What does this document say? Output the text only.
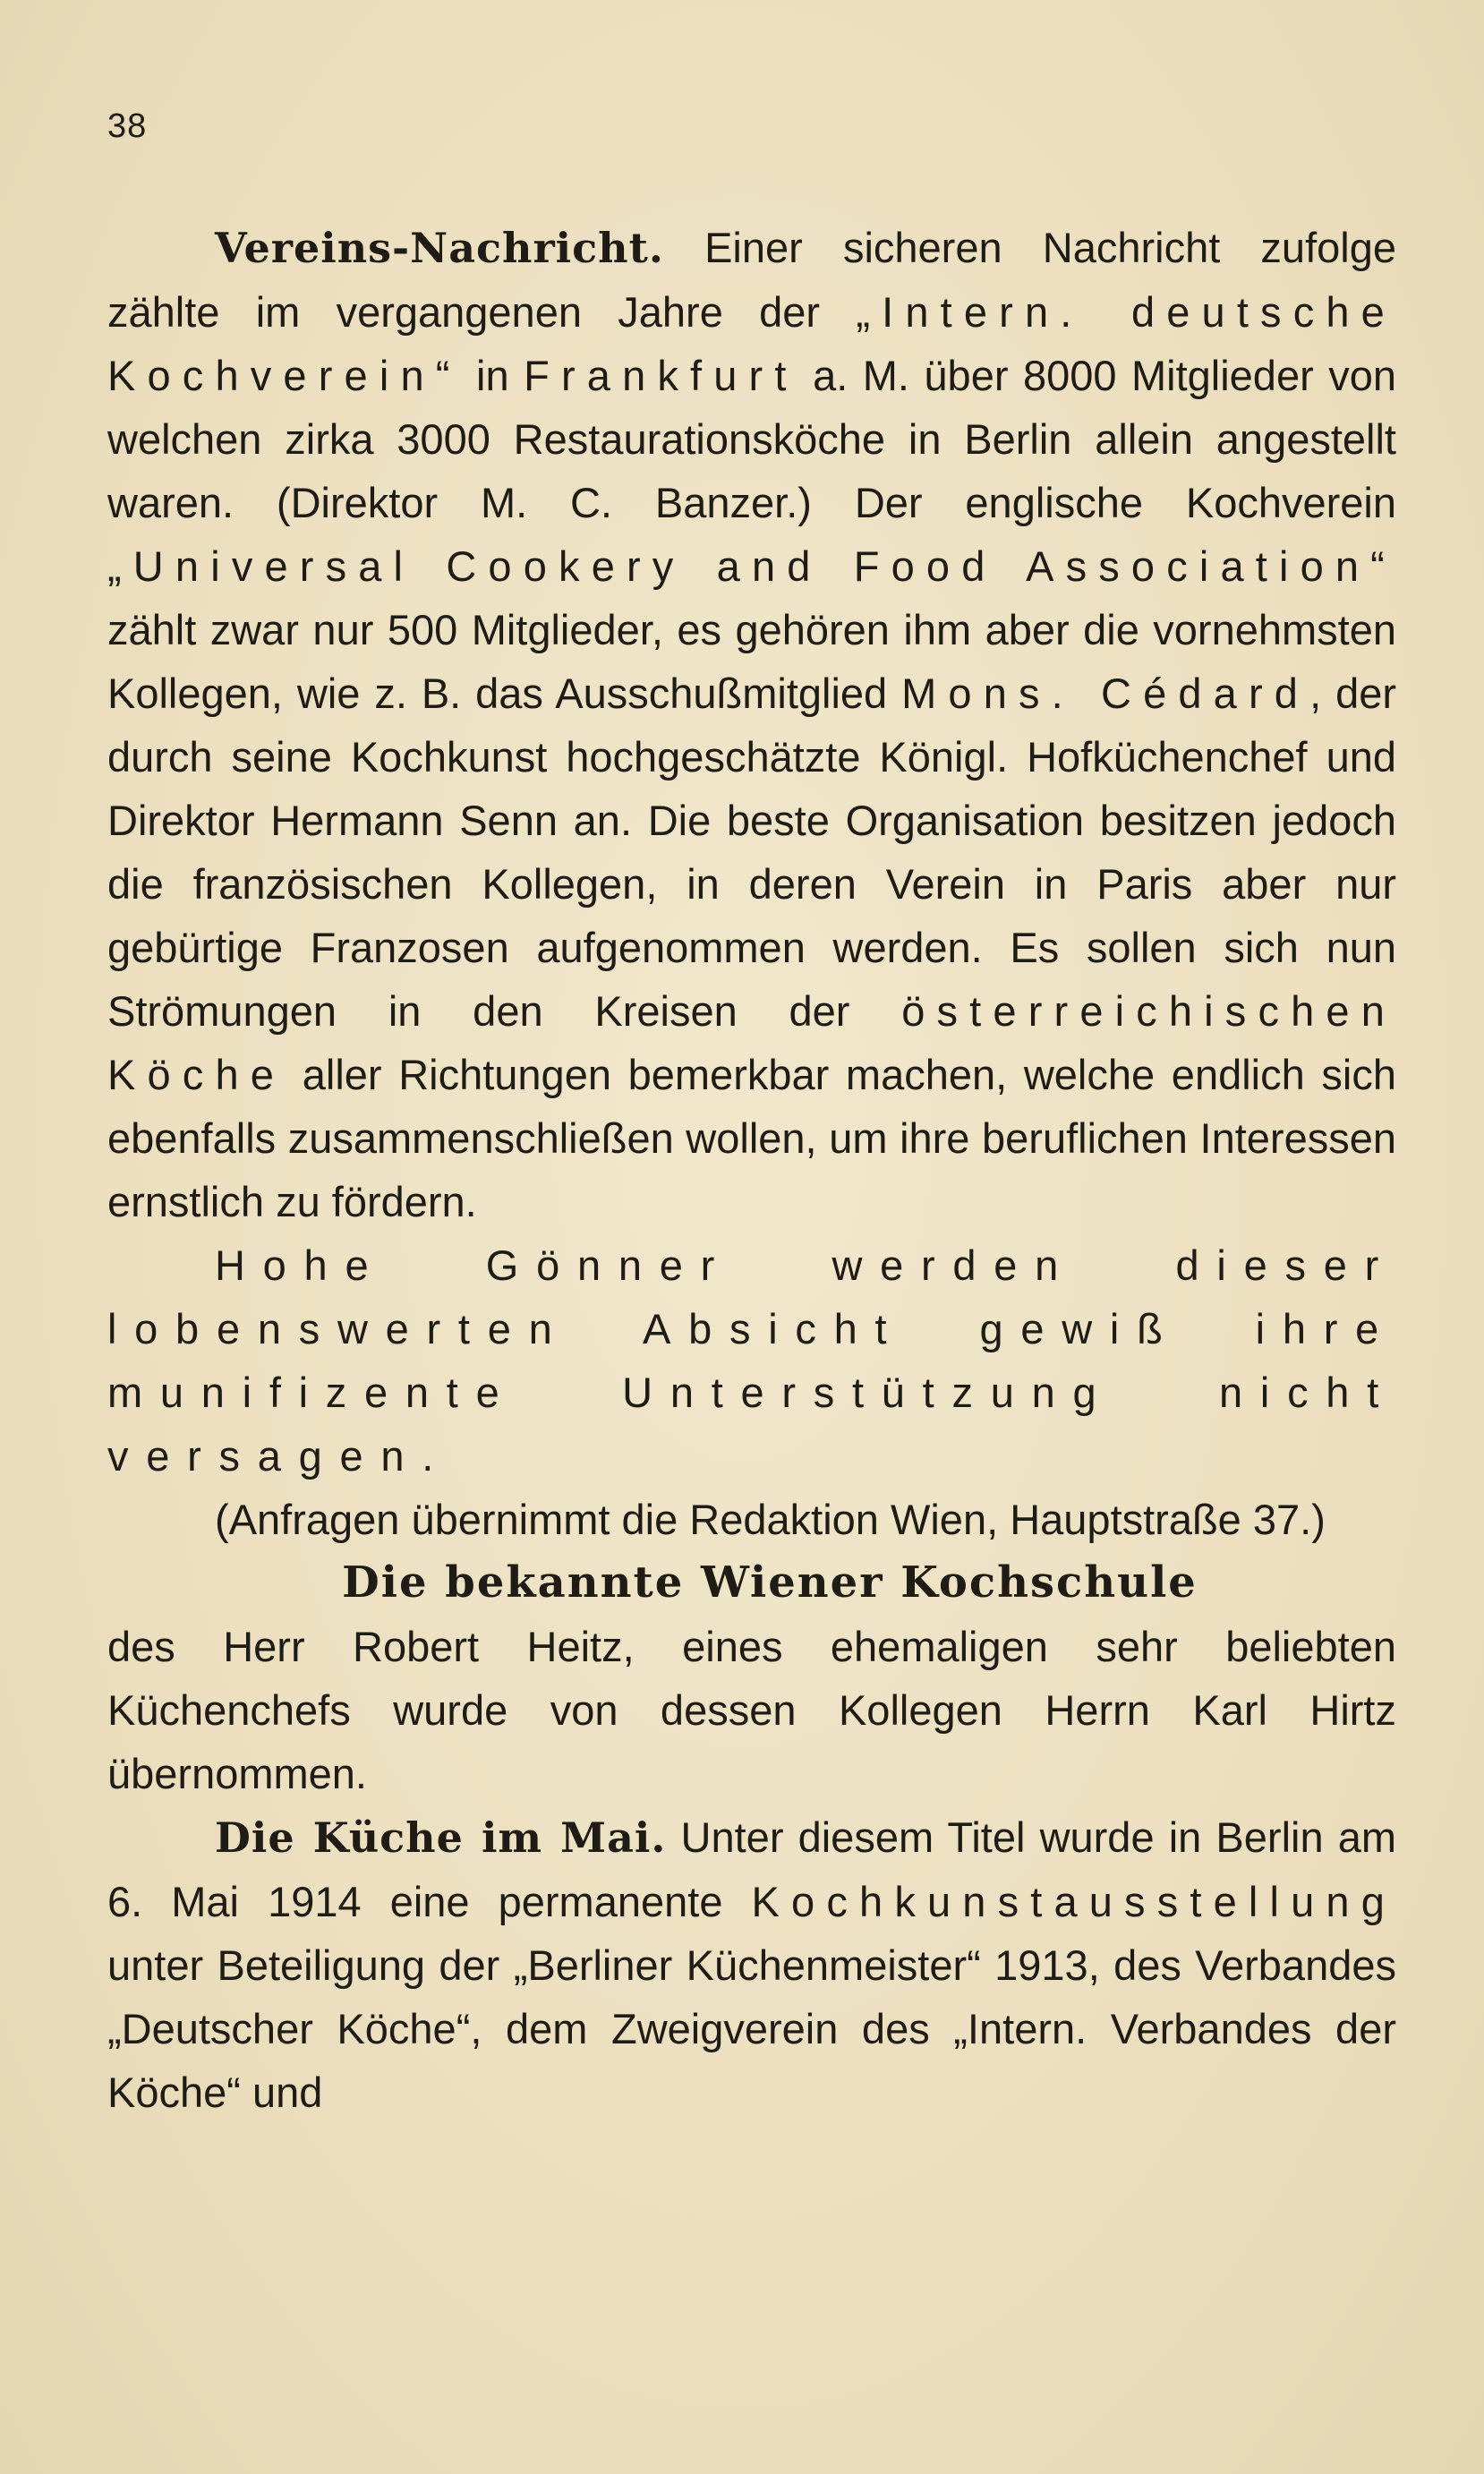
38

Vereins-Nachricht. Einer sicheren Nachricht zufolge zählte im vergangenen Jahre der „Intern. deutsche Kochverein“ in Frankfurt a. M. über 8000 Mitglieder von welchen zirka 3000 Restaurationsköche in Berlin allein angestellt waren. (Direktor M. C. Banzer.) Der englische Kochverein „Universal Cookery and Food Association“ zählt zwar nur 500 Mitglieder, es gehören ihm aber die vornehmsten Kollegen, wie z. B. das Ausschußmitglied Mons. Cédard, der durch seine Kochkunst hochgeschätzte Königl. Hofküchenchef und Direktor Hermann Senn an. Die beste Organisation besitzen jedoch die französischen Kollegen, in deren Verein in Paris aber nur gebürtige Franzosen aufgenommen werden. Es sollen sich nun Strömungen in den Kreisen der österreichischen Köche aller Richtungen bemerkbar machen, welche endlich sich ebenfalls zusammenschließen wollen, um ihre beruflichen Interessen ernstlich zu fördern.

Hohe Gönner werden dieser lobenswerten Absicht gewiß ihre munifizente Unterstützung nicht versagen.

(Anfragen übernimmt die Redaktion Wien, Hauptstraße 37.)

Die bekannte Wiener Kochschule

des Herr Robert Heitz, eines ehemaligen sehr beliebten Küchenchefs wurde von dessen Kollegen Herrn Karl Hirtz übernommen.

Die Küche im Mai. Unter diesem Titel wurde in Berlin am 6. Mai 1914 eine permanente Kochkunstausstellung unter Beteiligung der „Berliner Küchenmeister“ 1913, des Verbandes „Deutscher Köche“, dem Zweigverein des „Intern. Verbandes der Köche“ und
